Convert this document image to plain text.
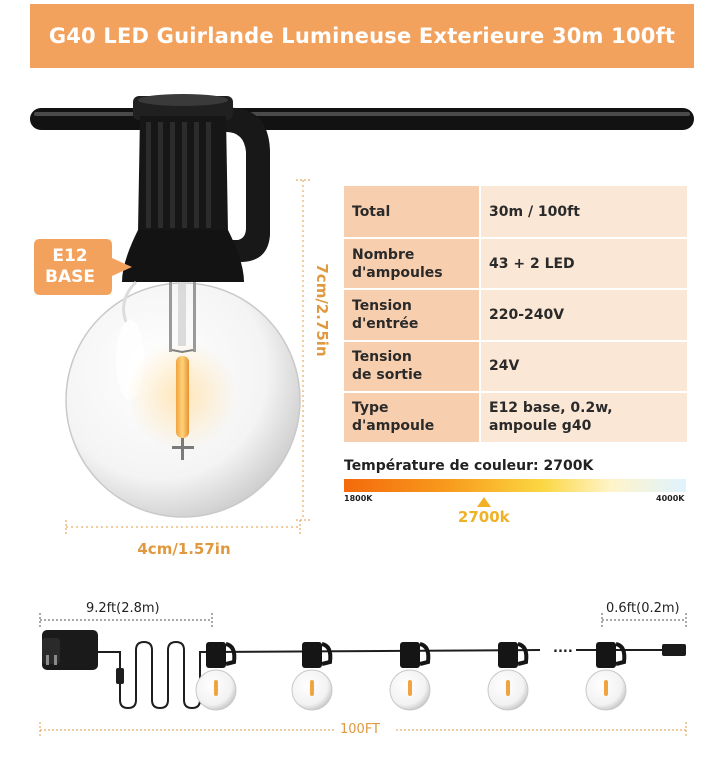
G40 LED Guirlande Lumineuse Exterieure 30m 100ft
E12
BASE	7cm/2.75in
4cm/1.57in
Total	30m / 100ft
Nombre
d'ampoules	43 + 2 LED
Tension
d'entrée	220-240V
Tension
de sortie	24V
Type d'ampoule	E12 base, 0.2w,
ampoule g40
Température de couleur: 2700K
1800K	4000K
2700k
....
9.2ft(2.8m)	0.6ft(0.2m)
100FT
